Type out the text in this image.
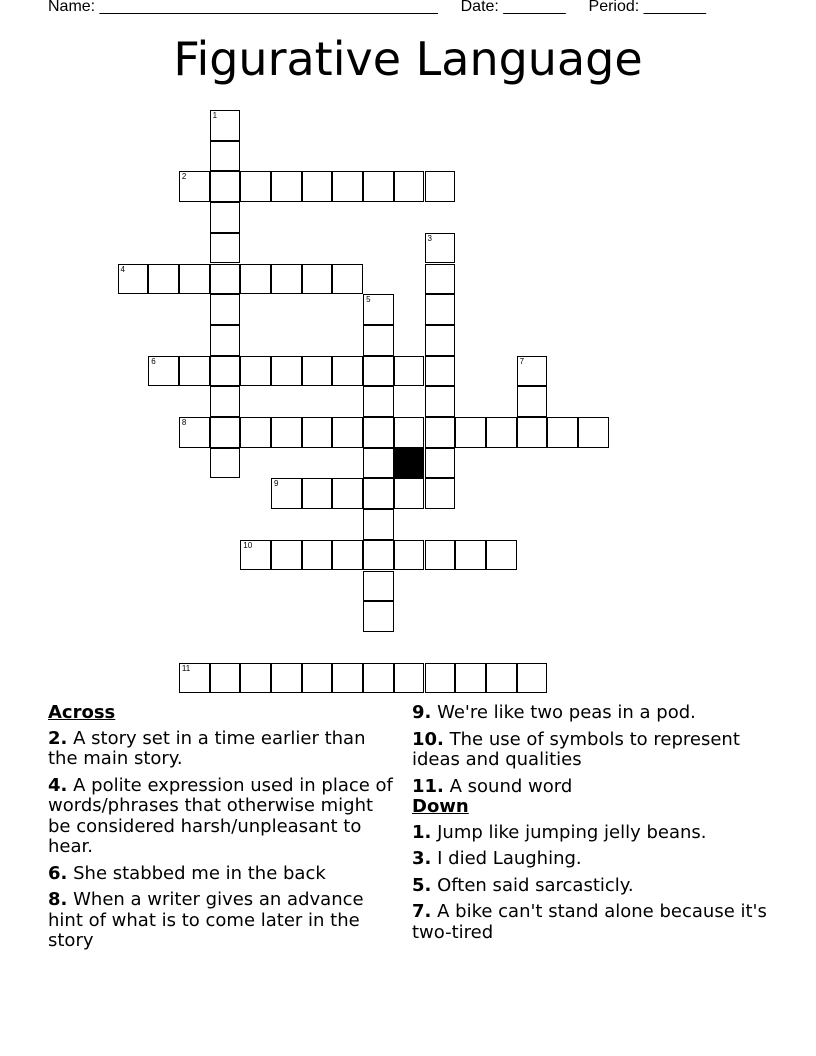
Name: ______________________________________ Date: _______ Period: _______
Figurative Language
1
2
3
4
5
6	7
8
9
10
11
Across
2. A story set in a time earlier than the main story.
4. A polite expression used in place of words/phrases that otherwise might be considered harsh/unpleasant to hear.
6. She stabbed me in the back
8. When a writer gives an advance hint of what is to come later in the story
9. We're like two peas in a pod.
10. The use of symbols to represent ideas and qualities
11. A sound word
Down
1. Jump like jumping jelly beans.
3. I died Laughing.
5. Often said sarcasticly.
7. A bike can't stand alone because it's two-tired
